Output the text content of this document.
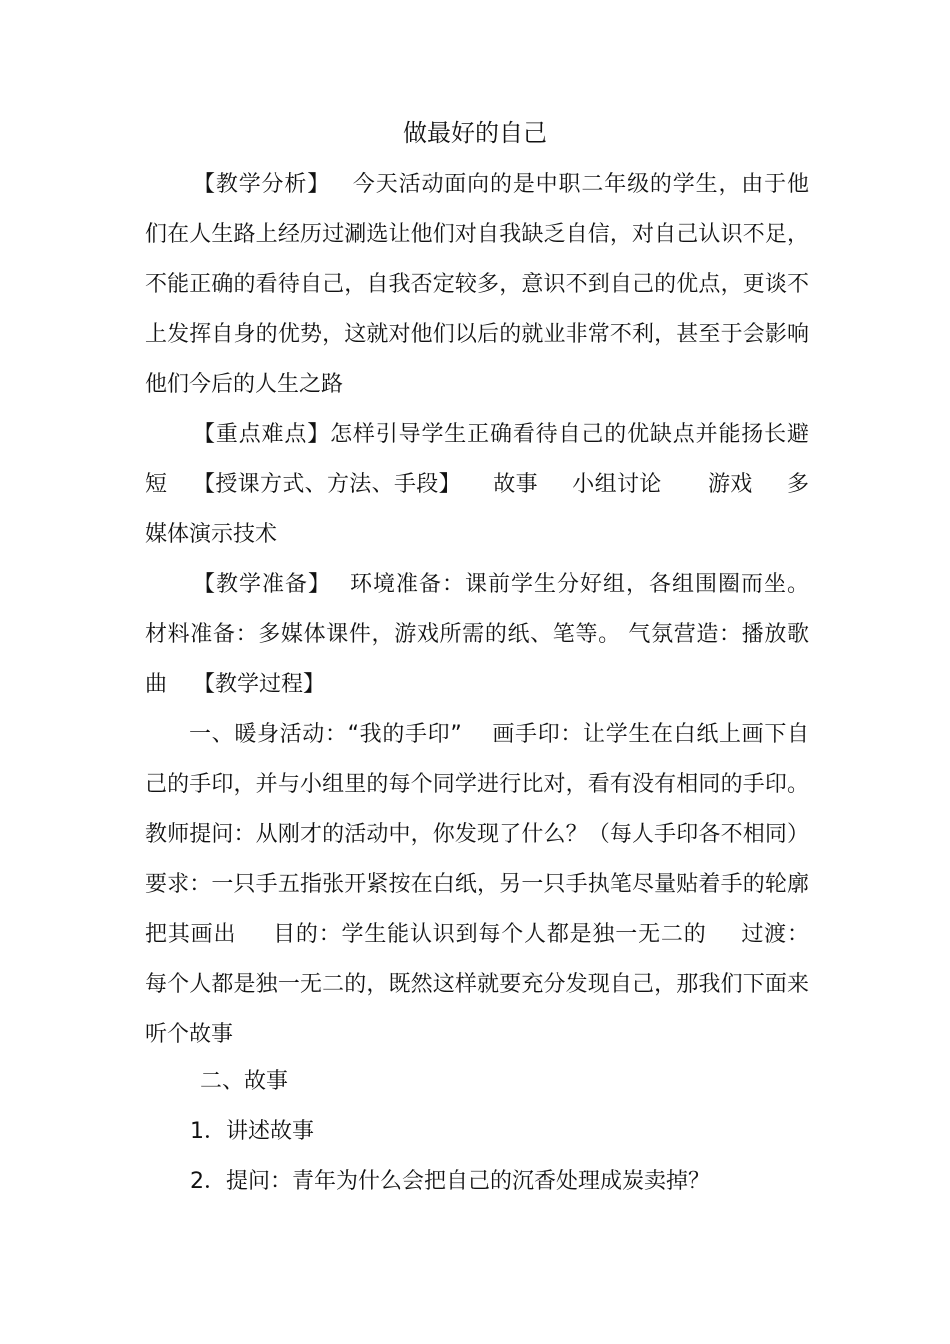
做最好的自己

【教学分析】 今天活动面向的是中职二年级的学生，由于他们在人生路上经历过涮选让他们对自我缺乏自信，对自己认识不足，不能正确的看待自己，自我否定较多，意识不到自己的优点，更谈不上发挥自身的优势，这就对他们以后的就业非常不利，甚至于会影响他们今后的人生之路

【重点难点】怎样引导学生正确看待自己的优缺点并能扬长避短	【授课方式、方法、手段】 故事 小组讨论 游戏 多媒体演示技术

【教学准备】 环境准备：课前学生分好组，各组围圈而坐。 材料准备：多媒体课件，游戏所需的纸、笔等。 气氛营造：播放歌曲	【教学过程】

一、暖身活动：“我的手印” 画手印：让学生在白纸上画下自己的手印，并与小组里的每个同学进行比对，看有没有相同的手印。教师提问：从刚才的活动中，你发现了什么？（每人手印各不相同）要求：一只手五指张开紧按在白纸，另一只手执笔尽量贴着手的轮廓把其画出 目的：学生能认识到每个人都是独一无二的 过渡：每个人都是独一无二的，既然这样就要充分发现自己，那我们下面来听个故事

二、故事

1．讲述故事

2．提问：青年为什么会把自己的沉香处理成炭卖掉？
